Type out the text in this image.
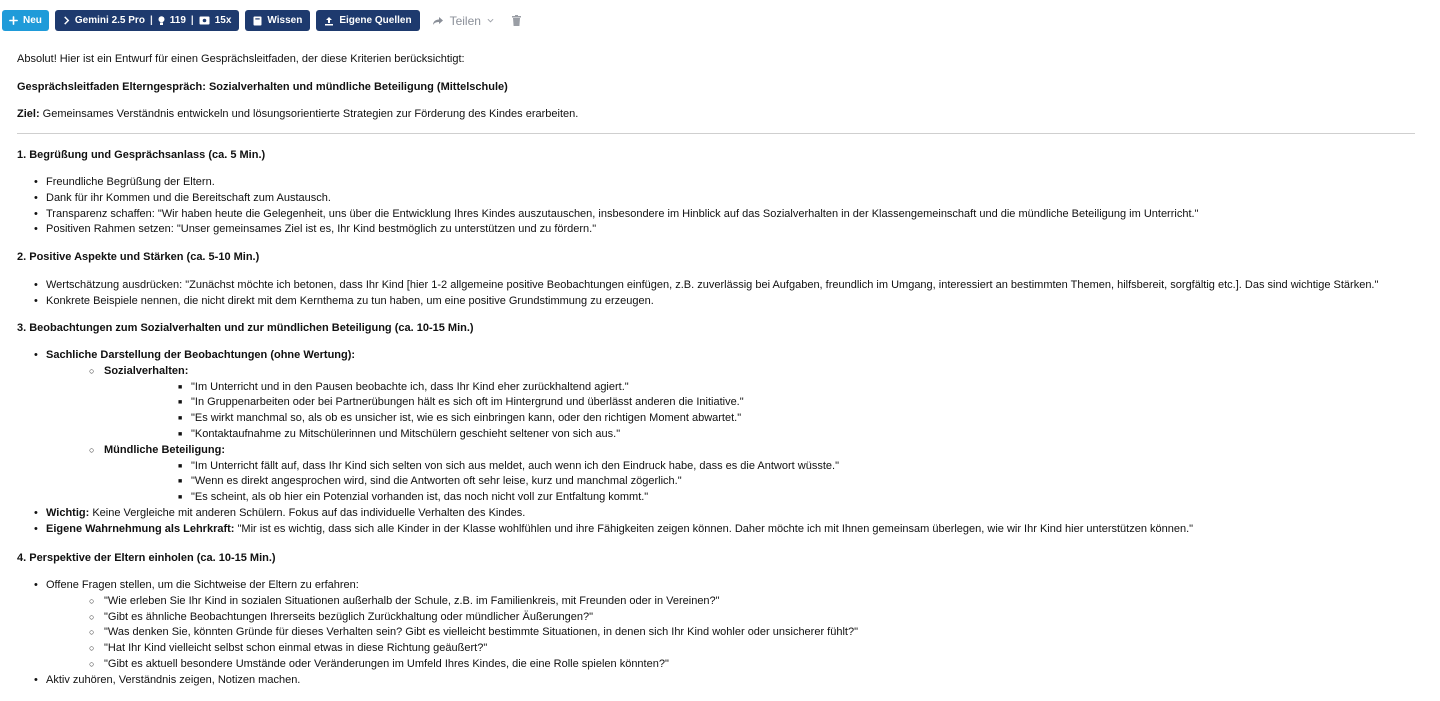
Neu	Gemini 2.5 Pro | 119 | 15x	Wissen	Eigene Quellen	Teilen

Absolut! Hier ist ein Entwurf für einen Gesprächsleitfaden, der diese Kriterien berücksichtigt:

Gesprächsleitfaden Elterngespräch: Sozialverhalten und mündliche Beteiligung (Mittelschule)

Ziel: Gemeinsames Verständnis entwickeln und lösungsorientierte Strategien zur Förderung des Kindes erarbeiten.

1. Begrüßung und Gesprächsanlass (ca. 5 Min.)

• Freundliche Begrüßung der Eltern.
• Dank für ihr Kommen und die Bereitschaft zum Austausch.
• Transparenz schaffen: "Wir haben heute die Gelegenheit, uns über die Entwicklung Ihres Kindes auszutauschen, insbesondere im Hinblick auf das Sozialverhalten in der Klassengemeinschaft und die mündliche Beteiligung im Unterricht."
• Positiven Rahmen setzen: "Unser gemeinsames Ziel ist es, Ihr Kind bestmöglich zu unterstützen und zu fördern."

2. Positive Aspekte und Stärken (ca. 5-10 Min.)

• Wertschätzung ausdrücken: "Zunächst möchte ich betonen, dass Ihr Kind [hier 1-2 allgemeine positive Beobachtungen einfügen, z.B. zuverlässig bei Aufgaben, freundlich im Umgang, interessiert an bestimmten Themen, hilfsbereit, sorgfältig etc.]. Das sind wichtige Stärken."
• Konkrete Beispiele nennen, die nicht direkt mit dem Kernthema zu tun haben, um eine positive Grundstimmung zu erzeugen.

3. Beobachtungen zum Sozialverhalten und zur mündlichen Beteiligung (ca. 10-15 Min.)

• Sachliche Darstellung der Beobachtungen (ohne Wertung):
○ Sozialverhalten:
■ "Im Unterricht und in den Pausen beobachte ich, dass Ihr Kind eher zurückhaltend agiert."
■ "In Gruppenarbeiten oder bei Partnerübungen hält es sich oft im Hintergrund und überlässt anderen die Initiative."
■ "Es wirkt manchmal so, als ob es unsicher ist, wie es sich einbringen kann, oder den richtigen Moment abwartet."
■ "Kontaktaufnahme zu Mitschülerinnen und Mitschülern geschieht seltener von sich aus."
○ Mündliche Beteiligung:
■ "Im Unterricht fällt auf, dass Ihr Kind sich selten von sich aus meldet, auch wenn ich den Eindruck habe, dass es die Antwort wüsste."
■ "Wenn es direkt angesprochen wird, sind die Antworten oft sehr leise, kurz und manchmal zögerlich."
■ "Es scheint, als ob hier ein Potenzial vorhanden ist, das noch nicht voll zur Entfaltung kommt."
• Wichtig: Keine Vergleiche mit anderen Schülern. Fokus auf das individuelle Verhalten des Kindes.
• Eigene Wahrnehmung als Lehrkraft: "Mir ist es wichtig, dass sich alle Kinder in der Klasse wohlfühlen und ihre Fähigkeiten zeigen können. Daher möchte ich mit Ihnen gemeinsam überlegen, wie wir Ihr Kind hier unterstützen können."

4. Perspektive der Eltern einholen (ca. 10-15 Min.)

• Offene Fragen stellen, um die Sichtweise der Eltern zu erfahren:
○ "Wie erleben Sie Ihr Kind in sozialen Situationen außerhalb der Schule, z.B. im Familienkreis, mit Freunden oder in Vereinen?"
○ "Gibt es ähnliche Beobachtungen Ihrerseits bezüglich Zurückhaltung oder mündlicher Äußerungen?"
○ "Was denken Sie, könnten Gründe für dieses Verhalten sein? Gibt es vielleicht bestimmte Situationen, in denen sich Ihr Kind wohler oder unsicherer fühlt?"
○ "Hat Ihr Kind vielleicht selbst schon einmal etwas in diese Richtung geäußert?"
○ "Gibt es aktuell besondere Umstände oder Veränderungen im Umfeld Ihres Kindes, die eine Rolle spielen könnten?"
• Aktiv zuhören, Verständnis zeigen, Notizen machen.
